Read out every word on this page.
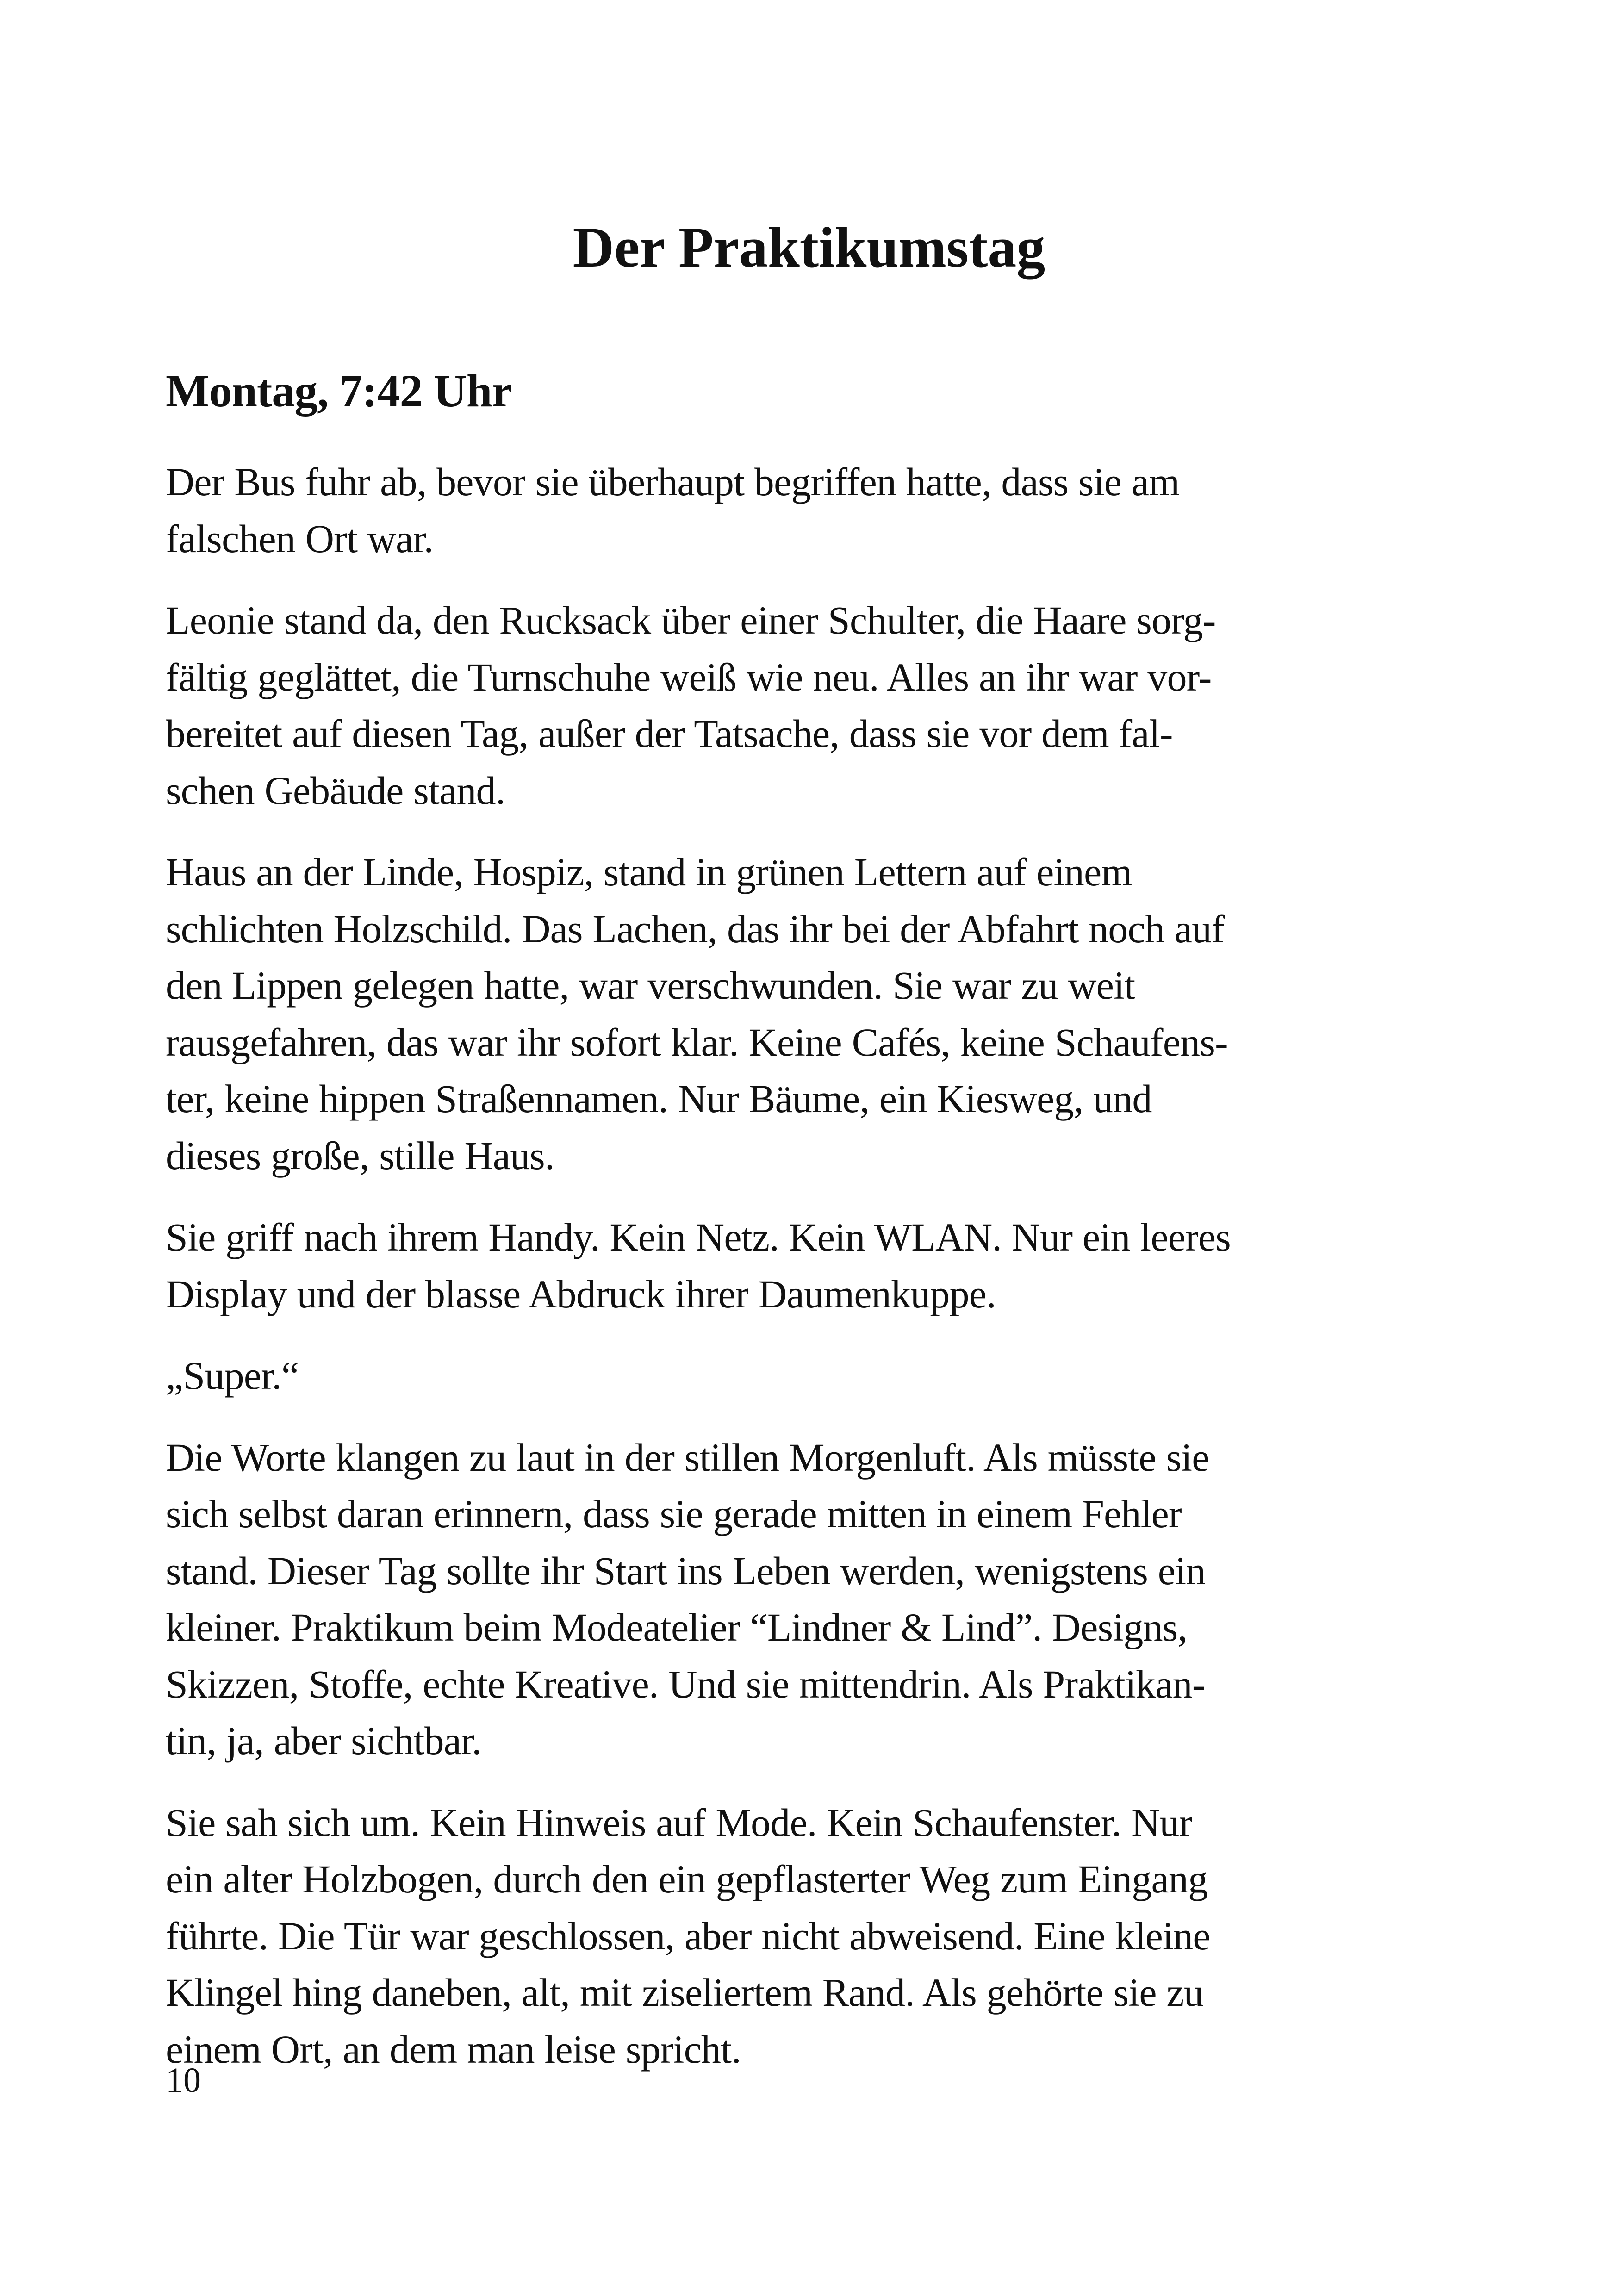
Der Praktikumstag
Montag, 7:42 Uhr

Der Bus fuhr ab, bevor sie überhaupt begriffen hatte, dass sie am
falschen Ort war.

Leonie stand da, den Rucksack über einer Schulter, die Haare sorg-
fältig geglättet, die Turnschuhe weiß wie neu. Alles an ihr war vor-
bereitet auf diesen Tag, außer der Tatsache, dass sie vor dem fal-
schen Gebäude stand.

Haus an der Linde, Hospiz, stand in grünen Lettern auf einem
schlichten Holzschild. Das Lachen, das ihr bei der Abfahrt noch auf
den Lippen gelegen hatte, war verschwunden. Sie war zu weit
rausgefahren, das war ihr sofort klar. Keine Cafés, keine Schaufens-
ter, keine hippen Straßennamen. Nur Bäume, ein Kiesweg, und
dieses große, stille Haus.

Sie griff nach ihrem Handy. Kein Netz. Kein WLAN. Nur ein leeres
Display und der blasse Abdruck ihrer Daumenkuppe.

„Super.“

Die Worte klangen zu laut in der stillen Morgenluft. Als müsste sie
sich selbst daran erinnern, dass sie gerade mitten in einem Fehler
stand. Dieser Tag sollte ihr Start ins Leben werden, wenigstens ein
kleiner. Praktikum beim Modeatelier “Lindner & Lind”. Designs,
Skizzen, Stoffe, echte Kreative. Und sie mittendrin. Als Praktikan-
tin, ja, aber sichtbar.

Sie sah sich um. Kein Hinweis auf Mode. Kein Schaufenster. Nur
ein alter Holzbogen, durch den ein gepflasterter Weg zum Eingang
führte. Die Tür war geschlossen, aber nicht abweisend. Eine kleine
Klingel hing daneben, alt, mit ziseliertem Rand. Als gehörte sie zu
einem Ort, an dem man leise spricht.

10
